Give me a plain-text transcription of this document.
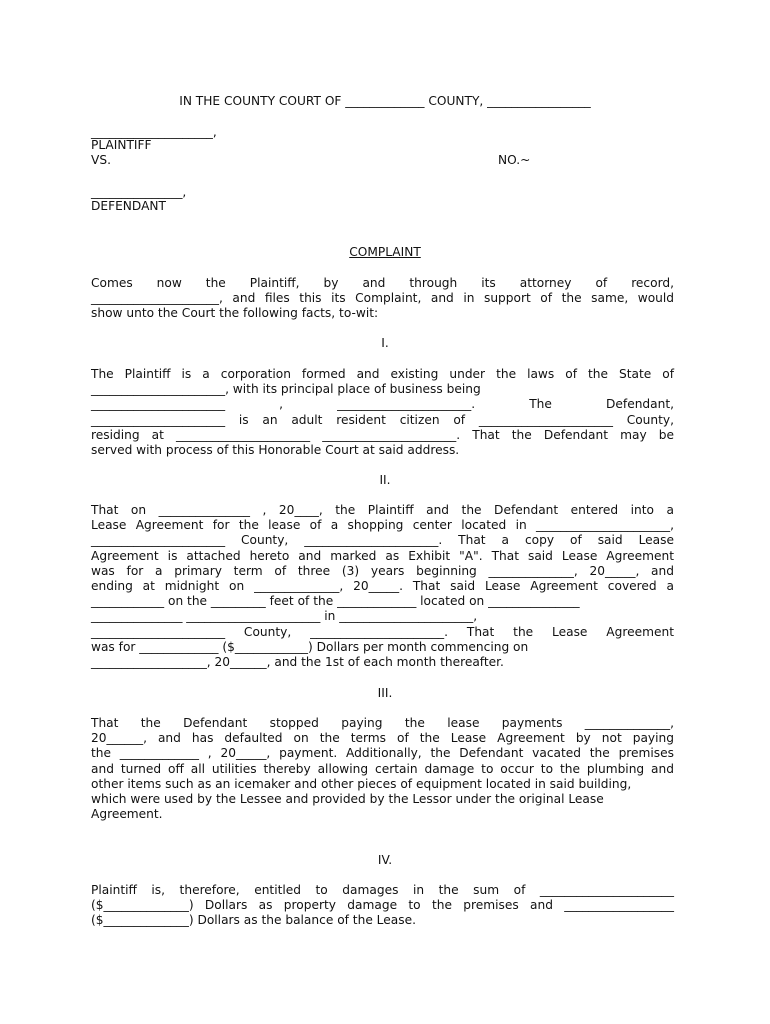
IN THE COUNTY COURT OF _____________ COUNTY, _________________
____________________,
PLAINTIFF
VS.	NO.~
_______________,
DEFENDANT
COMPLAINT
Comes now the Plaintiff, by and through its attorney of record,
_____________________, and files this its Complaint, and in support of the same, would
show unto the Court the following facts, to-wit:
I.
The Plaintiff is a corporation formed and existing under the laws of the State of
______________________, with its principal place of business being
______________________ , ______________________. The Defendant,
______________________ is an adult resident citizen of ______________________ County,
residing at ______________________ ______________________. That the Defendant may be
served with process of this Honorable Court at said address.
II.
That on _______________ , 20____, the Plaintiff and the Defendant entered into a
Lease Agreement for the lease of a shopping center located in ______________________,
______________________ County, ______________________. That a copy of said Lease
Agreement is attached hereto and marked as Exhibit "A". That said Lease Agreement
was for a primary term of three (3) years beginning ______________, 20_____, and
ending at midnight on ______________, 20_____. That said Lease Agreement covered a
____________ on the _________ feet of the _____________ located on _______________
_______________ ______________________ in ______________________,
______________________ County, ______________________. That the Lease Agreement
was for _____________ ($____________) Dollars per month commencing on
___________________, 20______, and the 1st of each month thereafter.
III.
That the Defendant stopped paying the lease payments ______________,
20______, and has defaulted on the terms of the Lease Agreement by not paying
the _____________ , 20_____, payment. Additionally, the Defendant vacated the premises
and turned off all utilities thereby allowing certain damage to occur to the plumbing and
other items such as an icemaker and other pieces of equipment located in said building,
which were used by the Lessee and provided by the Lessor under the original Lease
Agreement.
IV.
Plaintiff is, therefore, entitled to damages in the sum of ______________________
($______________) Dollars as property damage to the premises and __________________
($______________) Dollars as the balance of the Lease.
